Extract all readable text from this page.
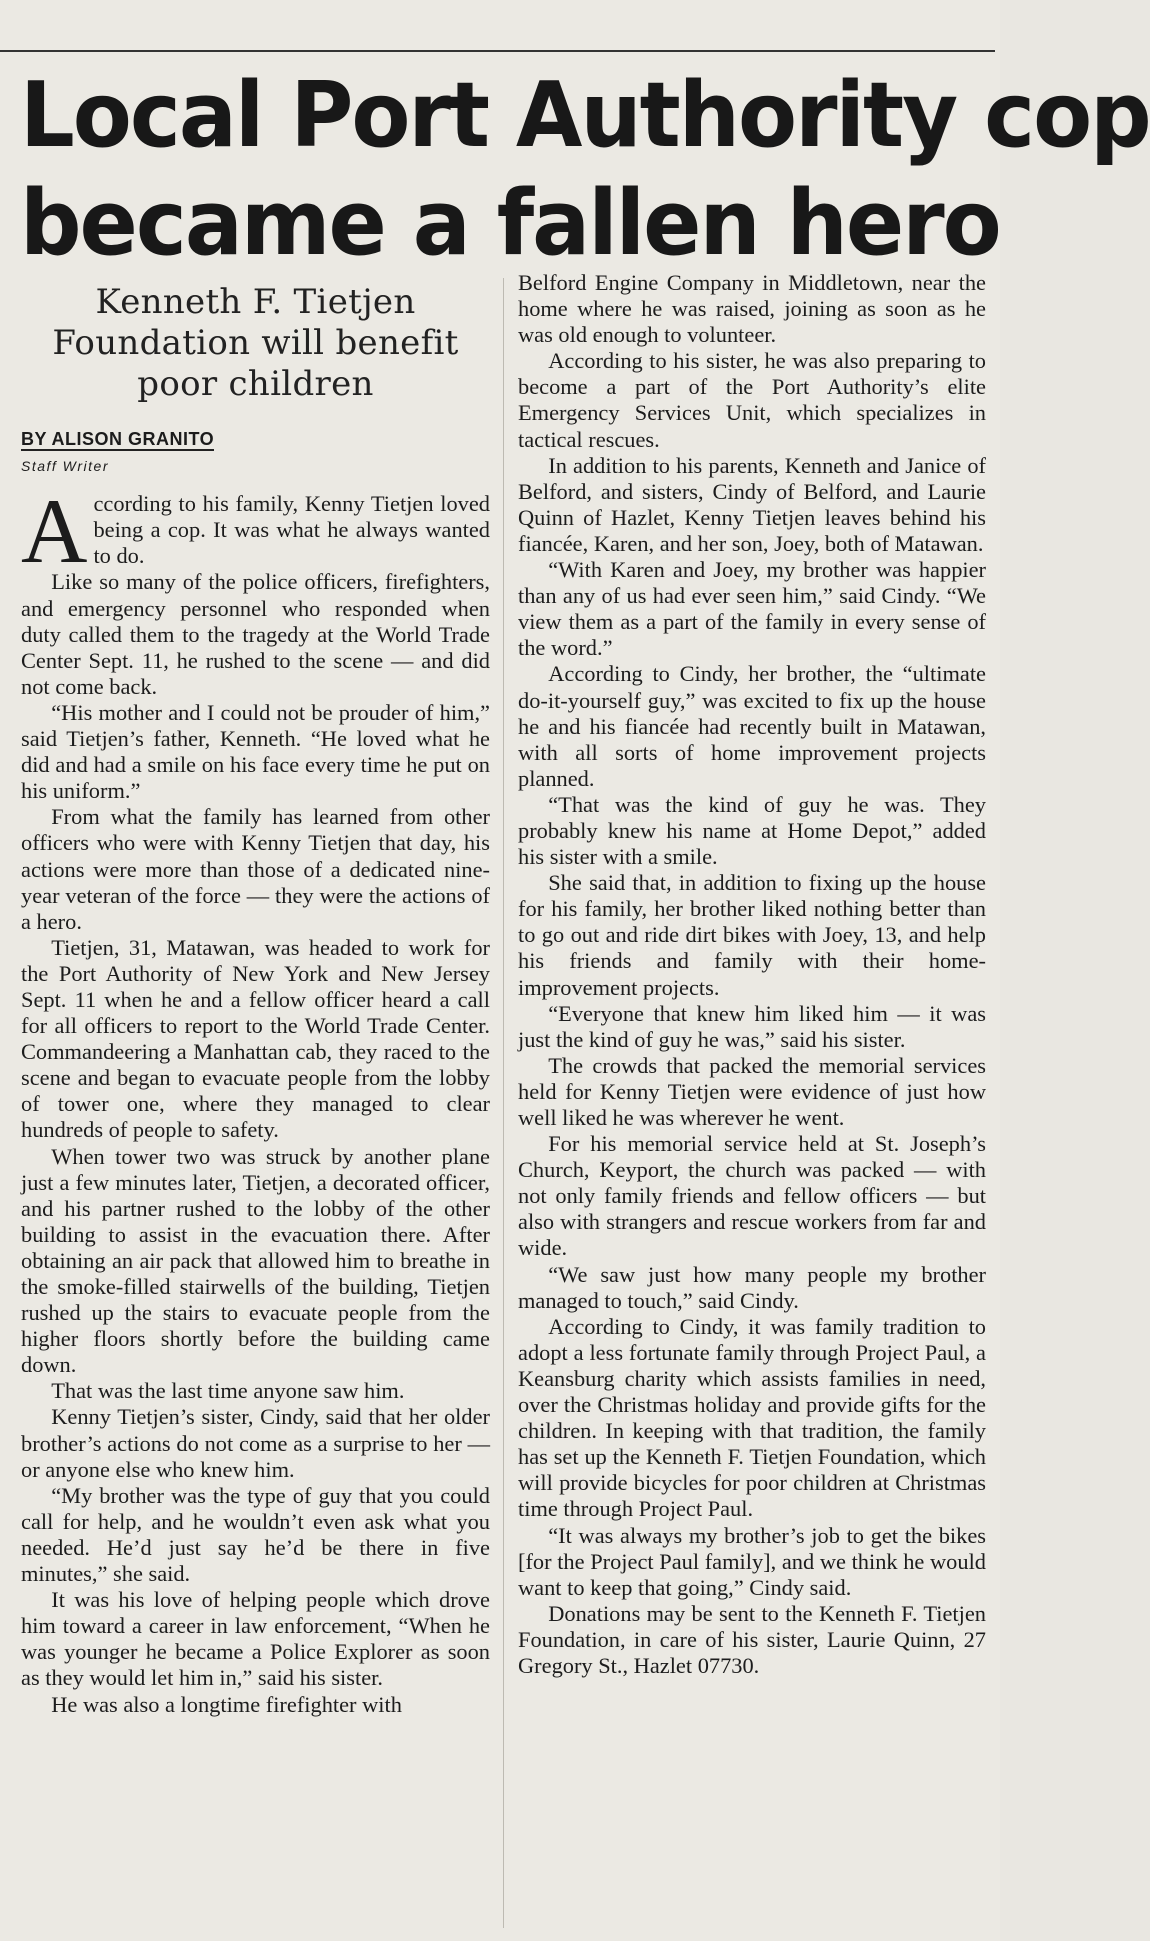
Local Port Authority cop
became a fallen hero
Kenneth F. Tietjen Foundation will benefit poor children
BY ALISON GRANITO
Staff Writer

According to his family, Kenny Tietjen loved being a cop. It was what he always wanted to do.

Like so many of the police officers, firefighters, and emergency personnel who responded when duty called them to the tragedy at the World Trade Center Sept. 11, he rushed to the scene — and did not come back.

“His mother and I could not be prouder of him,” said Tietjen’s father, Kenneth. “He loved what he did and had a smile on his face every time he put on his uniform.”

From what the family has learned from other officers who were with Kenny Tietjen that day, his actions were more than those of a dedicated nine-year veteran of the force — they were the actions of a hero.

Tietjen, 31, Matawan, was headed to work for the Port Authority of New York and New Jersey Sept. 11 when he and a fellow officer heard a call for all officers to report to the World Trade Center. Commandeering a Manhattan cab, they raced to the scene and began to evacuate people from the lobby of tower one, where they managed to clear hundreds of people to safety.

When tower two was struck by another plane just a few minutes later, Tietjen, a decorated officer, and his partner rushed to the lobby of the other building to assist in the evacuation there. After obtaining an air pack that allowed him to breathe in the smoke-filled stairwells of the building, Tietjen rushed up the stairs to evacuate people from the higher floors shortly before the building came down.

That was the last time anyone saw him.

Kenny Tietjen’s sister, Cindy, said that her older brother’s actions do not come as a surprise to her — or anyone else who knew him.

“My brother was the type of guy that you could call for help, and he wouldn’t even ask what you needed. He’d just say he’d be there in five minutes,” she said.

It was his love of helping people which drove him toward a career in law enforcement, “When he was younger he became a Police Explorer as soon as they would let him in,” said his sister.

He was also a longtime firefighter with

Belford Engine Company in Middletown, near the home where he was raised, joining as soon as he was old enough to volunteer.

According to his sister, he was also preparing to become a part of the Port Authority’s elite Emergency Services Unit, which specializes in tactical rescues.

In addition to his parents, Kenneth and Janice of Belford, and sisters, Cindy of Belford, and Laurie Quinn of Hazlet, Kenny Tietjen leaves behind his fiancée, Karen, and her son, Joey, both of Matawan.

“With Karen and Joey, my brother was happier than any of us had ever seen him,” said Cindy. “We view them as a part of the family in every sense of the word.”

According to Cindy, her brother, the “ultimate do-it-yourself guy,” was excited to fix up the house he and his fiancée had recently built in Matawan, with all sorts of home improvement projects planned.

“That was the kind of guy he was. They probably knew his name at Home Depot,” added his sister with a smile.

She said that, in addition to fixing up the house for his family, her brother liked nothing better than to go out and ride dirt bikes with Joey, 13, and help his friends and family with their home-improvement projects.

“Everyone that knew him liked him — it was just the kind of guy he was,” said his sister.

The crowds that packed the memorial services held for Kenny Tietjen were evidence of just how well liked he was wherever he went.

For his memorial service held at St. Joseph’s Church, Keyport, the church was packed — with not only family friends and fellow officers — but also with strangers and rescue workers from far and wide.

“We saw just how many people my brother managed to touch,” said Cindy.

According to Cindy, it was family tradition to adopt a less fortunate family through Project Paul, a Keansburg charity which assists families in need, over the Christmas holiday and provide gifts for the children. In keeping with that tradition, the family has set up the Kenneth F. Tietjen Foundation, which will provide bicycles for poor children at Christmas time through Project Paul.

“It was always my brother’s job to get the bikes [for the Project Paul family], and we think he would want to keep that going,” Cindy said.

Donations may be sent to the Kenneth F. Tietjen Foundation, in care of his sister, Laurie Quinn, 27 Gregory St., Hazlet 07730.
